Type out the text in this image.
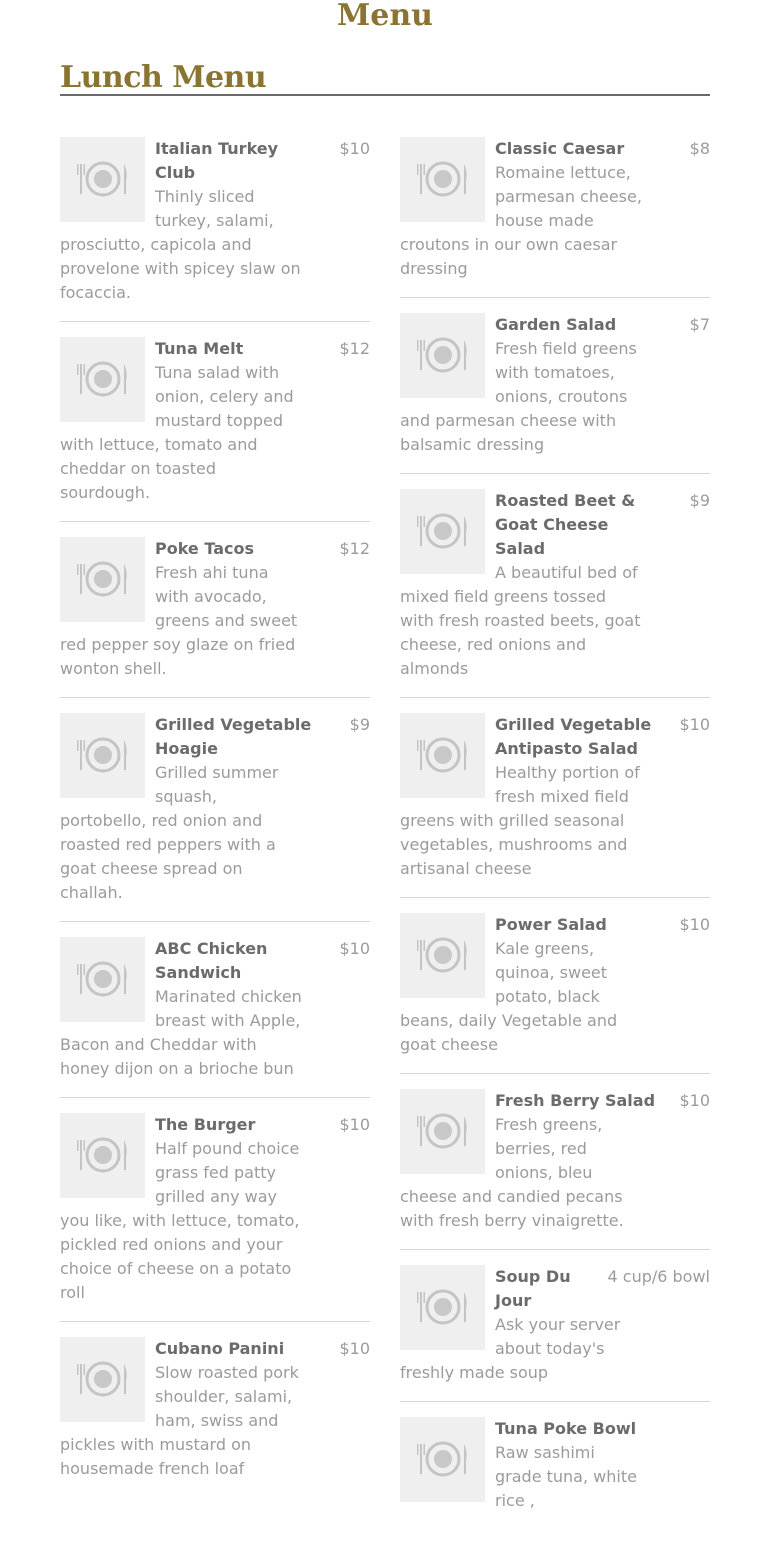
Menu
Lunch Menu
Italian Turkey Club
$10

Thinly sliced turkey, salami, prosciutto, capicola and provelone with spicey slaw on focaccia.

Tuna Melt	$12

Tuna salad with onion, celery and mustard topped with lettuce, tomato and cheddar on toasted sourdough.

Poke Tacos	$12

Fresh ahi tuna with avocado, greens and sweet red pepper soy glaze on fried wonton shell.

Grilled Vegetable Hoagie
$9

Grilled summer squash, portobello, red onion and roasted red peppers with a goat cheese spread on challah.

ABC Chicken Sandwich
$10

Marinated chicken breast with Apple, Bacon and Cheddar with honey dijon on a brioche bun

The Burger	$10

Half pound choice grass fed patty grilled any way you like, with lettuce, tomato, pickled red onions and your choice of cheese on a potato roll

Cubano Panini	$10

Slow roasted pork shoulder, salami, ham, swiss and pickles with mustard on housemade french loaf

Classic Caesar	$8

Romaine lettuce, parmesan cheese, house made croutons in our own caesar dressing

Garden Salad	$7

Fresh field greens with tomatoes, onions, croutons and parmesan cheese with balsamic dressing

Roasted Beet & Goat Cheese Salad
$9

A beautiful bed of mixed field greens tossed with fresh roasted beets, goat cheese, red onions and almonds

Grilled Vegetable Antipasto Salad
$10

Healthy portion of fresh mixed field greens with grilled seasonal vegetables, mushrooms and artisanal cheese

Power Salad	$10

Kale greens, quinoa, sweet potato, black beans, daily Vegetable and goat cheese

Fresh Berry Salad $10

Fresh greens, berries, red onions, bleu cheese and candied pecans with fresh berry vinaigrette.

Soup Du Jour
4 cup/6 bowl

Ask your server about today's freshly made soup

Tuna Poke Bowl

Raw sashimi grade tuna, white rice ,
